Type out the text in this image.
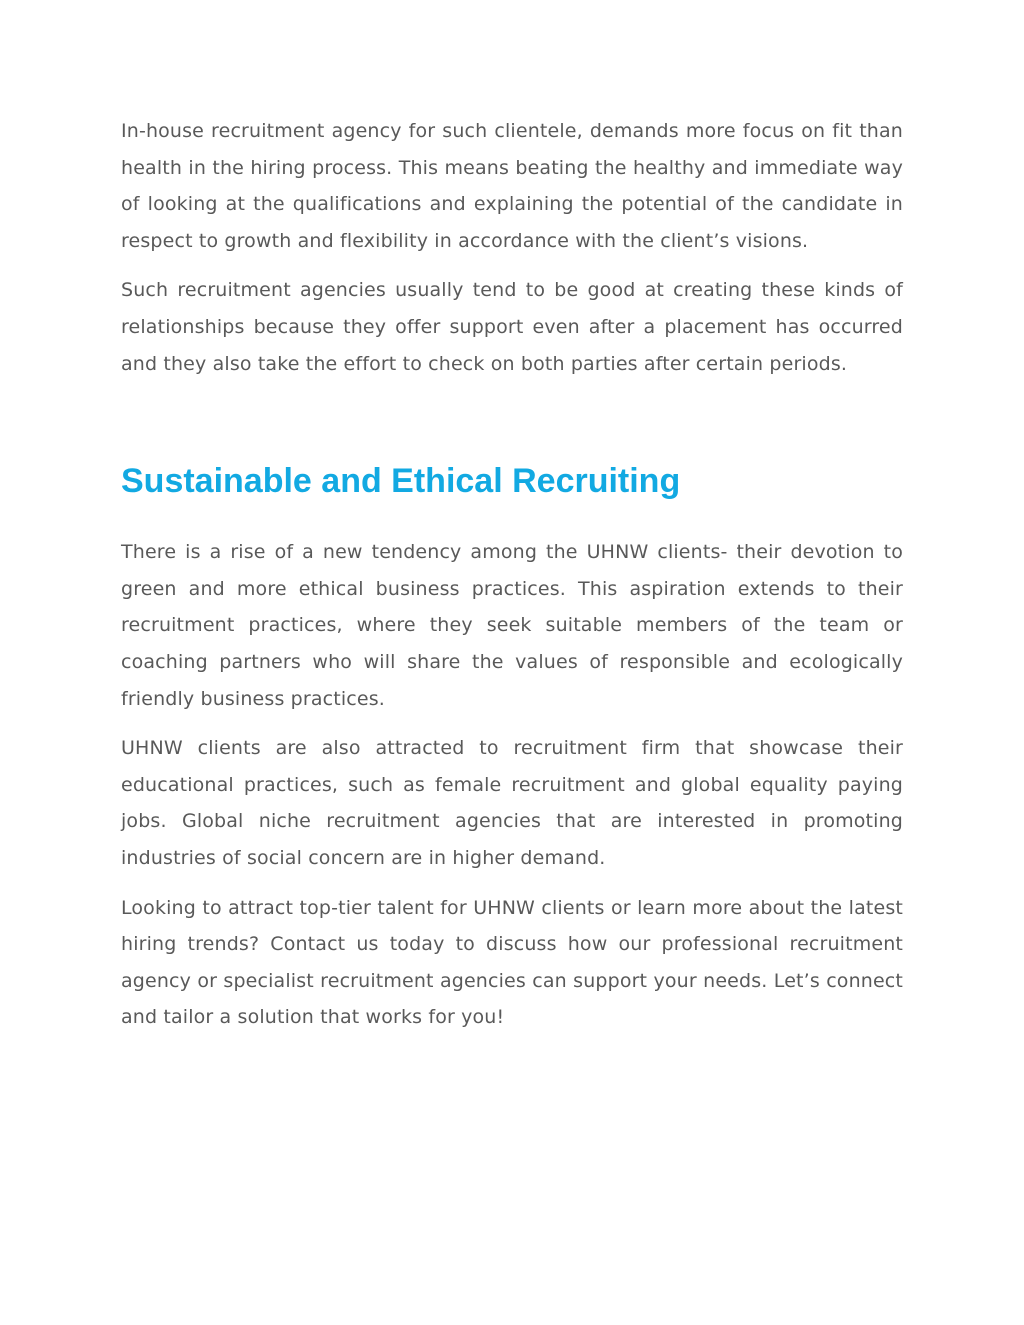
In-house recruitment agency for such clientele, demands more focus on fit than health in the hiring process. This means beating the healthy and immediate way of looking at the qualifications and explaining the potential of the candidate in respect to growth and flexibility in accordance with the client’s visions.

Such recruitment agencies usually tend to be good at creating these kinds of relationships because they offer support even after a placement has occurred and they also take the effort to check on both parties after certain periods.

Sustainable and Ethical Recruiting

There is a rise of a new tendency among the UHNW clients- their devotion to green and more ethical business practices. This aspiration extends to their recruitment practices, where they seek suitable members of the team or coaching partners who will share the values of responsible and ecologically friendly business practices.

UHNW clients are also attracted to recruitment firm that showcase their educational practices, such as female recruitment and global equality paying jobs. Global niche recruitment agencies that are interested in promoting industries of social concern are in higher demand.

Looking to attract top-tier talent for UHNW clients or learn more about the latest hiring trends? Contact us today to discuss how our professional recruitment agency or specialist recruitment agencies can support your needs. Let’s connect and tailor a solution that works for you!
